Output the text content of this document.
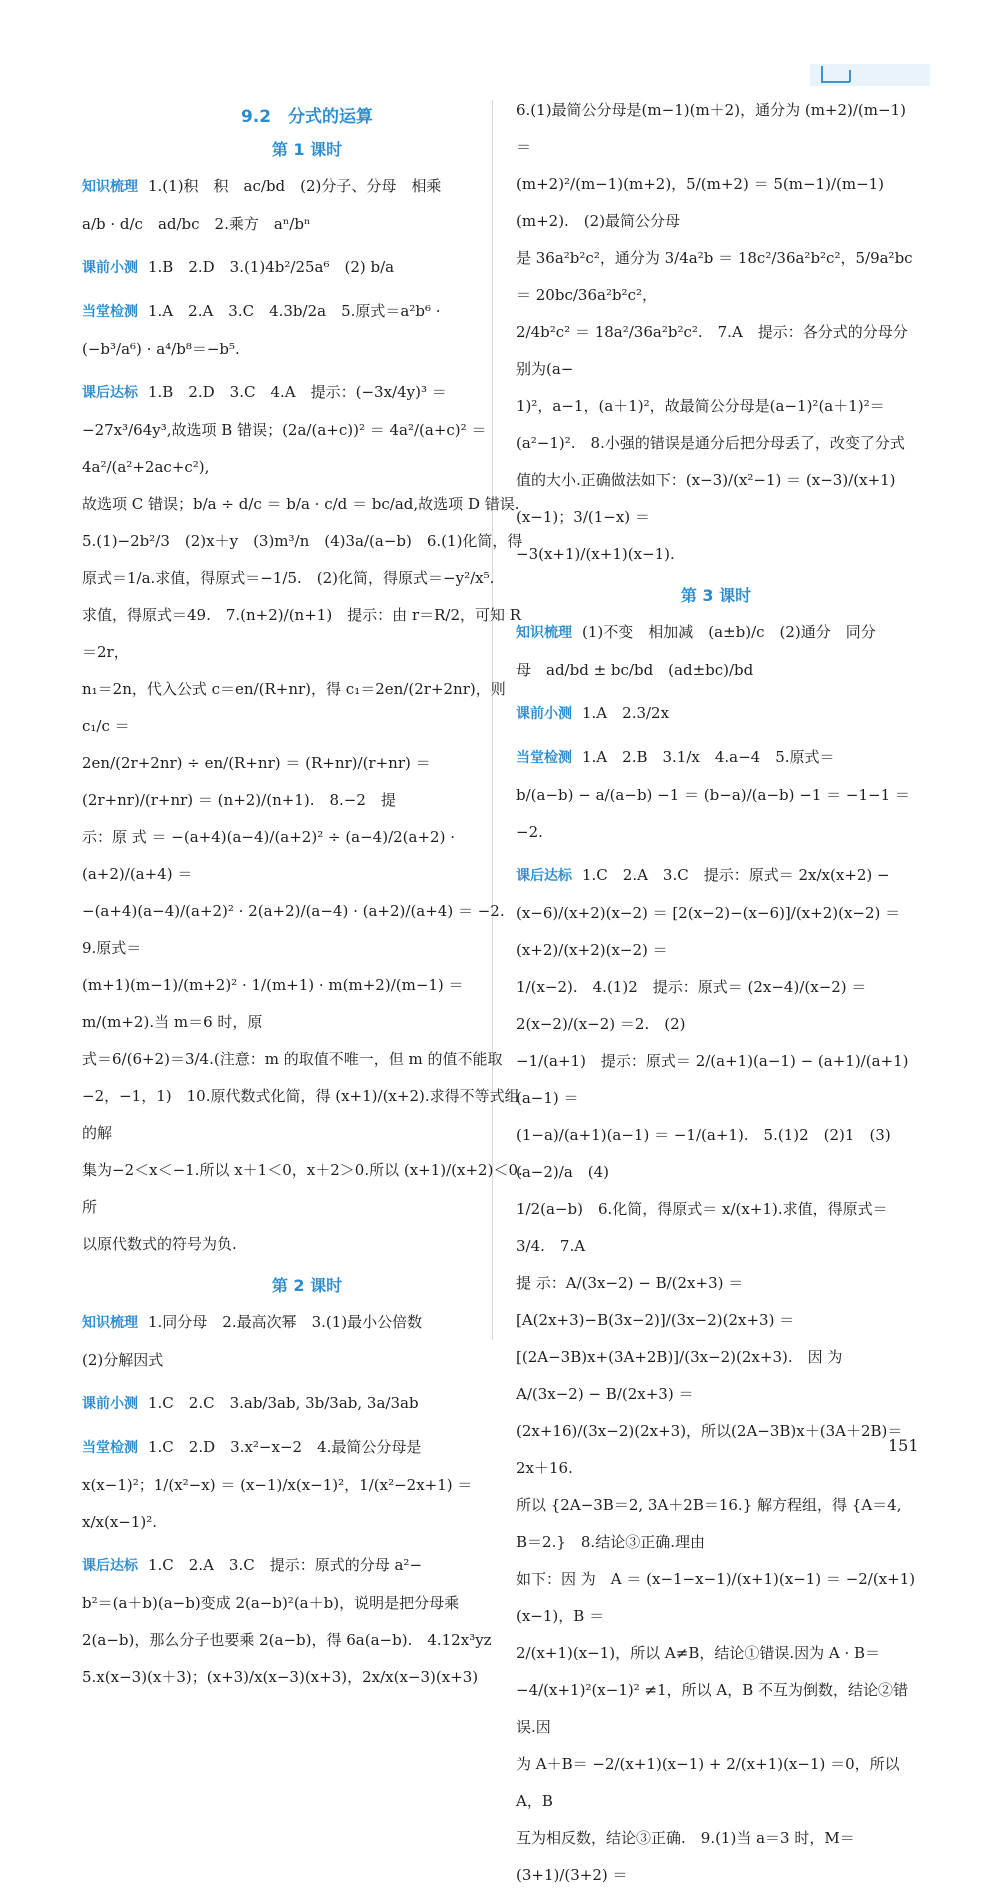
9.2　分式的运算
第 1 课时
知识梳理 1.(1)积　积　ac/bd　(2)分子、分母　相乘
a/b · d/c　ad/bc　2.乘方　aⁿ/bⁿ
课前小测 1.B　2.D　3.(1)4b²/25a⁶　(2) b/a
当堂检测 1.A　2.A　3.C　4.3b/2a　5.原式＝a²b⁶ ·
(−b³/a⁶) · a⁴/b⁸＝−b⁵.
课后达标 1.B　2.D　3.C　4.A　提示：(−3x/4y)³ ＝
−27x³/64y³,故选项 B 错误；(2a/(a+c))² ＝ 4a²/(a+c)² ＝ 4a²/(a²+2ac+c²),
故选项 C 错误；b/a ÷ d/c ＝ b/a · c/d ＝ bc/ad,故选项 D 错误.
5.(1)−2b²/3　(2)x＋y　(3)m³/n　(4)3a/(a−b)　6.(1)化简，得
原式＝1/a.求值，得原式＝−1/5.　(2)化简，得原式＝−y²/x⁵.
求值，得原式＝49.　7.(n+2)/(n+1)　提示：由 r＝R/2，可知 R＝2r，
n₁＝2n，代入公式 c＝en/(R+nr)，得 c₁＝2en/(2r+2nr)，则 c₁/c ＝
2en/(2r+2nr) ÷ en/(R+nr) ＝ (R+nr)/(r+nr) ＝ (2r+nr)/(r+nr) ＝ (n+2)/(n+1).　8.−2　提
示：原 式 ＝ −(a+4)(a−4)/(a+2)² ÷ (a−4)/2(a+2) · (a+2)/(a+4) ＝
−(a+4)(a−4)/(a+2)² · 2(a+2)/(a−4) · (a+2)/(a+4) ＝ −2.　9.原式＝
(m+1)(m−1)/(m+2)² · 1/(m+1) · m(m+2)/(m−1) ＝ m/(m+2).当 m＝6 时，原
式＝6/(6+2)＝3/4.(注意：m 的取值不唯一，但 m 的值不能取
−2，−1，1)　10.原代数式化简，得 (x+1)/(x+2).求得不等式组的解
集为−2＜x＜−1.所以 x＋1＜0，x＋2＞0.所以 (x+1)/(x+2)＜0.所
以原代数式的符号为负.
第 2 课时
知识梳理 1.同分母　2.最高次幂　3.(1)最小公倍数
(2)分解因式
课前小测 1.C　2.C　3.ab/3ab, 3b/3ab, 3a/3ab
当堂检测 1.C　2.D　3.x²−x−2　4.最简公分母是
x(x−1)²；1/(x²−x) ＝ (x−1)/x(x−1)²，1/(x²−2x+1) ＝ x/x(x−1)².
课后达标 1.C　2.A　3.C　提示：原式的分母 a²−
b²＝(a＋b)(a−b)变成 2(a−b)²(a＋b)，说明是把分母乘
2(a−b)，那么分子也要乘 2(a−b)，得 6a(a−b).　4.12x³yz
5.x(x−3)(x＋3)；(x+3)/x(x−3)(x+3)，2x/x(x−3)(x+3)
6.(1)最简公分母是(m−1)(m＋2)，通分为 (m+2)/(m−1) ＝
(m+2)²/(m−1)(m+2)，5/(m+2) ＝ 5(m−1)/(m−1)(m+2).　(2)最简公分母
是 36a²b²c²，通分为 3/4a²b ＝ 18c²/36a²b²c²，5/9a²bc ＝ 20bc/36a²b²c²，
2/4b²c² ＝ 18a²/36a²b²c².　7.A　提示：各分式的分母分别为(a−
1)²，a−1，(a＋1)²，故最简公分母是(a−1)²(a＋1)²＝
(a²−1)².　8.小强的错误是通分后把分母丢了，改变了分式
值的大小.正确做法如下：(x−3)/(x²−1) ＝ (x−3)/(x+1)(x−1)；3/(1−x) ＝
−3(x+1)/(x+1)(x−1).
第 3 课时
知识梳理 (1)不变　相加减　(a±b)/c　(2)通分　同分
母　ad/bd ± bc/bd　(ad±bc)/bd
课前小测 1.A　2.3/2x
当堂检测 1.A　2.B　3.1/x　4.a−4　5.原式＝
b/(a−b) − a/(a−b) −1 ＝ (b−a)/(a−b) −1 ＝ −1−1 ＝ −2.
课后达标 1.C　2.A　3.C　提示：原式＝ 2x/x(x+2) −
(x−6)/(x+2)(x−2) ＝ [2(x−2)−(x−6)]/(x+2)(x−2) ＝ (x+2)/(x+2)(x−2) ＝
1/(x−2).　4.(1)2　提示：原式＝ (2x−4)/(x−2) ＝ 2(x−2)/(x−2) ＝2.　(2)
−1/(a+1)　提示：原式＝ 2/(a+1)(a−1) − (a+1)/(a+1)(a−1) ＝
(1−a)/(a+1)(a−1) ＝ −1/(a+1).　5.(1)2　(2)1　(3)(a−2)/a　(4)
1/2(a−b)　6.化简，得原式＝ x/(x+1).求值，得原式＝3/4.　7.A
提 示：A/(3x−2) − B/(2x+3) ＝ [A(2x+3)−B(3x−2)]/(3x−2)(2x+3) ＝
[(2A−3B)x+(3A+2B)]/(3x−2)(2x+3).　因 为　A/(3x−2) − B/(2x+3) ＝
(2x+16)/(3x−2)(2x+3)，所以(2A−3B)x＋(3A＋2B)＝2x＋16.
所以 {2A−3B＝2, 3A＋2B＝16.} 解方程组，得 {A＝4, B＝2.}　8.结论③正确.理由
如下：因 为　A ＝ (x−1−x−1)/(x+1)(x−1) ＝ −2/(x+1)(x−1)，B ＝
2/(x+1)(x−1)，所以 A≠B，结论①错误.因为 A · B＝
−4/(x+1)²(x−1)² ≠1，所以 A，B 不互为倒数，结论②错误.因
为 A＋B＝ −2/(x+1)(x−1) + 2/(x+1)(x−1) ＝0，所以 A，B
互为相反数，结论③正确.　9.(1)当 a＝3 时，M＝ (3+1)/(3+2) ＝
151
